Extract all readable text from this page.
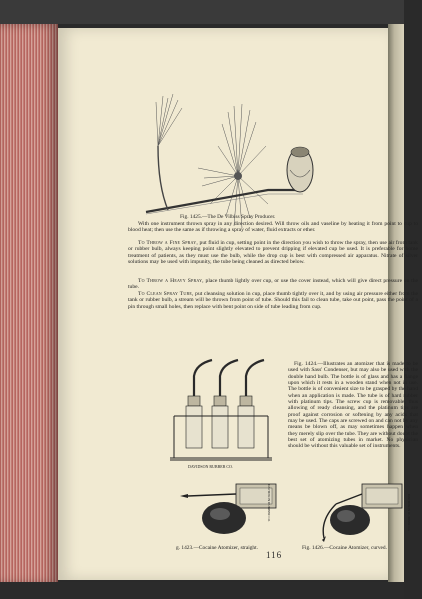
Fig. 1425.—The De Vilbiss Spray Producer.

With one instrument thrown spray in any direction desired. Will throw oils and vaseline by heating it from point to cup to blood heat; then use the same as if throwing a spray of water, fluid extracts or ether.

To Throw a Fine Spray, put fluid in cup, setting point in the direction you wish to throw the spray, then use air from tank or rubber bulb, always keeping point slightly elevated to prevent dripping if elevated cup be used. It is preferable for home treatment of patients, as they must use the bulb, while the drop cup is best with compressed air apparatus. Nitrate of silver solutions may be used with impunity, the tube being cleaned as directed below.

To Throw a Heavy Spray, place thumb lightly over cup, or use the cover instead, which will give direct pressure on the tube.

To Clean Spray Tube, put cleansing solution in cup, place thumb tightly over it, and by using air pressure either from the tank or rubber bulb, a stream will be thrown from point of tube. Should this fail to clean tube, take out point, pass the point of a pin through small holes, then replace with bent point on side of tube leading from cup.

DAVIDSON RUBBER CO.

Fig. 1424.—Illustrates an atomizer that is made to be used with Sass' Condenser, but may also be used with the double hand bulb. The bottle is of glass and has a flange upon which it rests in a wooden stand when not in use. The bottle is of convenient size to be grasped by the hand when an application is made. The tube is of hard rubber with platinum tips. The screw cup is removable, thus allowing of ready cleansing, and the platinum tips are proof against corrosion or softening by any acids that may be used. The caps are screwed on and can not by any means be blown off, as may sometimes happen when they merely slip over the tube. They are without doubt the best set of atomizing tubes in market. No physician should be without this valuable set of instruments.

DAVIDSON RUBBER CO.	DAVIDSON RUBBER Co.
g. 1423.—Cocaine Atomizer, straight.	Fig. 1426.—Cocaine Atomizer, curved.
116
